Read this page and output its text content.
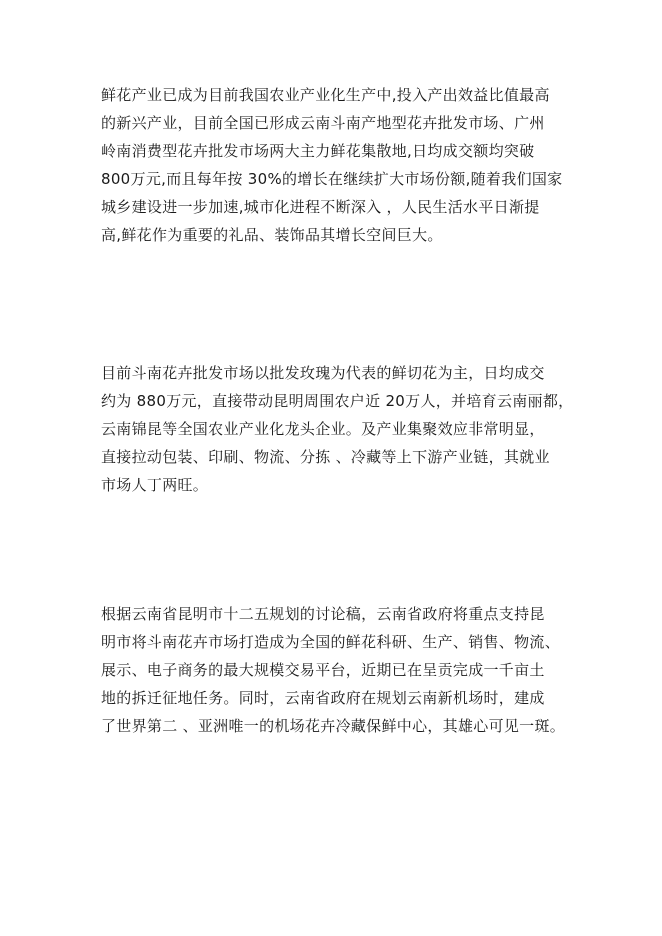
鲜花产业已成为目前我国农业产业化生产中,投入产出效益比值最高
的新兴产业，目前全国已形成云南斗南产地型花卉批发市场、广州
岭南消费型花卉批发市场两大主力鲜花集散地,日均成交额均突破
800万元,而且每年按 30%的增长在继续扩大市场份额,随着我们国家
城乡建设进一步加速,城市化进程不断深入 ，人民生活水平日渐提
高,鲜花作为重要的礼品、装饰品其增长空间巨大。
目前斗南花卉批发市场以批发玫瑰为代表的鲜切花为主，日均成交
约为 880万元，直接带动昆明周围农户近 20万人，并培育云南丽都，
云南锦昆等全国农业产业化龙头企业。及产业集聚效应非常明显，
直接拉动包装、印刷、物流、分拣 、冷藏等上下游产业链，其就业
市场人丁两旺。
根据云南省昆明市十二五规划的讨论稿，云南省政府将重点支持昆
明市将斗南花卉市场打造成为全国的鲜花科研、生产、销售、物流、
展示、电子商务的最大规模交易平台，近期已在呈贡完成一千亩土
地的拆迁征地任务。同时，云南省政府在规划云南新机场时，建成
了世界第二 、亚洲唯一的机场花卉冷藏保鲜中心，其雄心可见一斑。
